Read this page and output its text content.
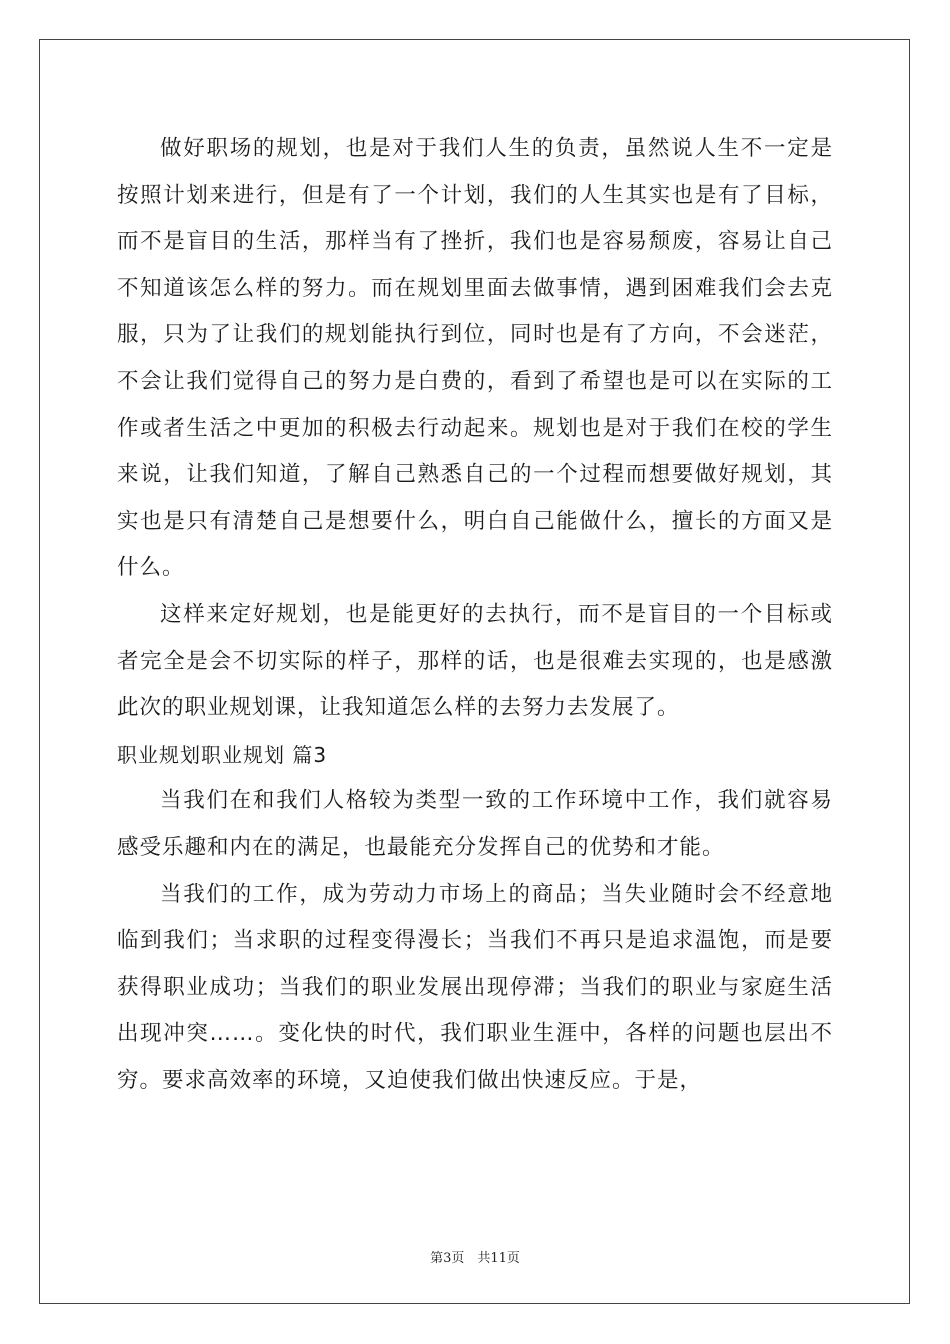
做好职场的规划，也是对于我们人生的负责，虽然说人生不一定是按照计划来进行，但是有了一个计划，我们的人生其实也是有了目标，而不是盲目的生活，那样当有了挫折，我们也是容易颓废，容易让自己不知道该怎么样的努力。而在规划里面去做事情，遇到困难我们会去克服，只为了让我们的规划能执行到位，同时也是有了方向，不会迷茫，不会让我们觉得自己的努力是白费的，看到了希望也是可以在实际的工作或者生活之中更加的积极去行动起来。规划也是对于我们在校的学生来说，让我们知道，了解自己熟悉自己的一个过程而想要做好规划，其实也是只有清楚自己是想要什么，明白自己能做什么，擅长的方面又是什么。

这样来定好规划，也是能更好的去执行，而不是盲目的一个目标或者完全是会不切实际的样子，那样的话，也是很难去实现的，也是感激此次的职业规划课，让我知道怎么样的去努力去发展了。

职业规划职业规划 篇3

当我们在和我们人格较为类型一致的工作环境中工作，我们就容易感受乐趣和内在的满足，也最能充分发挥自己的优势和才能。

当我们的工作，成为劳动力市场上的商品；当失业随时会不经意地临到我们；当求职的过程变得漫长；当我们不再只是追求温饱，而是要获得职业成功；当我们的职业发展出现停滞；当我们的职业与家庭生活出现冲突……。变化快的时代，我们职业生涯中，各样的问题也层出不穷。要求高效率的环境，又迫使我们做出快速反应。于是，

第3页　共11页
